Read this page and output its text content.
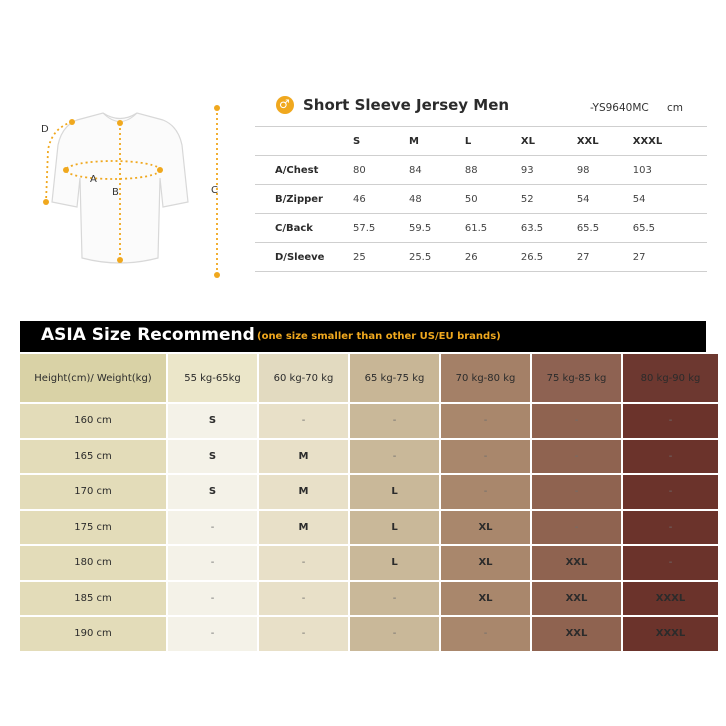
D
A
B	C
♂ Short Sleeve Jersey Men	-YS9640MC cm
	S	M	L	XL	XXL	XXXL
A/Chest	80	84	88	93	98	103
B/Zipper	46	48	50	52	54	54
C/Back	57.5	59.5	61.5	63.5	65.5	65.5
D/Sleeve	25	25.5	26	26.5	27	27
ASIA Size Recommend (one size smaller than other US/EU brands)
Height(cm)/ Weight(kg)	55 kg-65kg	60 kg-70 kg	65 kg-75 kg	70 kg-80 kg	75 kg-85 kg	80 kg-90 kg
160 cm	S	-	-	-	-	-
165 cm	S	M	-	-	-	-
170 cm	S	M	L	-	-	-
175 cm	-	M	L	XL	-	-
180 cm	-	-	L	XL	XXL	-
185 cm	-	-	-	XL	XXL	XXXL
190 cm	-	-	-	-	XXL	XXXL
